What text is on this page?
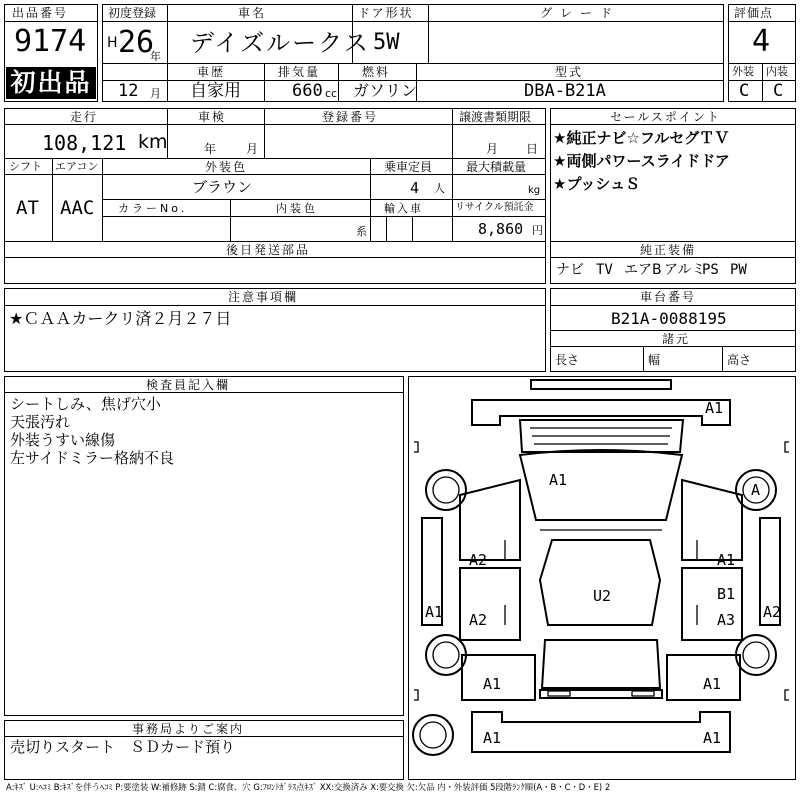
出品番号
9174
初出品
初度登録
H 26
年
12 月
車名
デイズルークス
ドア形状
5W
グレード
車歴
自家用
排気量
660 cc
燃料
ガソリン
型式
DBA-B21A
評価点
4
外装 内装
C C
走行
108,121 km
車検
年 月
登録番号	譲渡書類期限
月 日
シフト エアコン
AT AAC
外装色
ブラウン
乗車定員
4 人
最大積載量
kg
カラーNo.	内装色
系
輸入車	リサイクル預託金
8,860 円
後日発送部品
セールスポイント
★純正ナビ☆フルセグＴＶ
★両側パワースライドドア
★プッシュＳ
純正装備
ナビ TV エアB アルミ
PS PW
注意事項欄
★ＣＡＡカークリ済２月２７日
車台番号
B21A-0088195
諸元
長さ	幅	高さ
検査員記入欄
シートしみ、焦げ穴小
天張汚れ
外装うすい線傷
左サイドミラー格納不良
事務局よりご案内
売切りスタート　ＳＤカード預り
A1
A1
A
A2	A1
U2	B1
A1	A2
A2	A3
A1	A1
A1	A1
A:ｷｽﾞ U:ﾍｺﾐ B:ｷｽﾞを伴うﾍｺﾐ P:要塗装 W:補修跡 S:錆 C:腐食、穴 G:ﾌﾛﾝﾄｶﾞﾗｽ点ｷｽﾞ XX:交換済み X:要交換 欠:欠品 内・外装評価 5段階ﾗﾝｸ順(A・B・C・D・E) 2
